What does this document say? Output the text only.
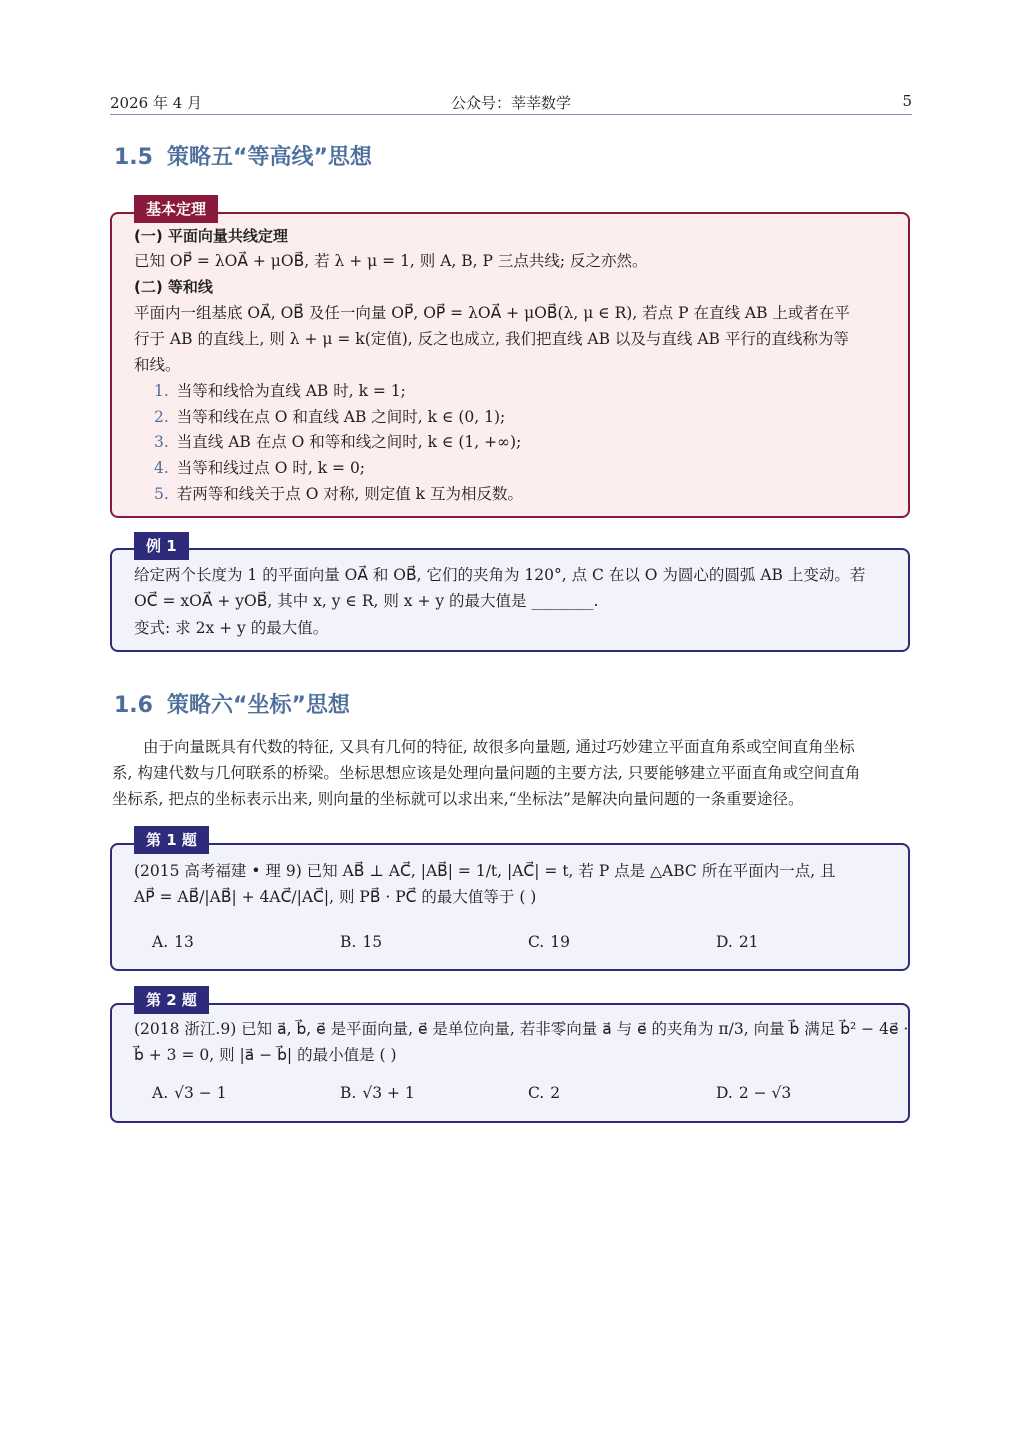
2026 年 4 月	公众号：莘莘数学	5
1.5 策略五“等高线”思想
基本定理
(一) 平面向量共线定理
已知 OP⃗ = λOA⃗ + μOB⃗, 若 λ + μ = 1, 则 A, B, P 三点共线; 反之亦然。
(二) 等和线
平面内一组基底 OA⃗, OB⃗ 及任一向量 OP⃗, OP⃗ = λOA⃗ + μOB⃗(λ, μ ∈ R), 若点 P 在直线 AB 上或者在平
行于 AB 的直线上, 则 λ + μ = k(定值), 反之也成立, 我们把直线 AB 以及与直线 AB 平行的直线称为等
和线。
1. 当等和线恰为直线 AB 时, k = 1;
2. 当等和线在点 O 和直线 AB 之间时, k ∈ (0, 1);
3. 当直线 AB 在点 O 和等和线之间时, k ∈ (1, +∞);
4. 当等和线过点 O 时, k = 0;
5. 若两等和线关于点 O 对称, 则定值 k 互为相反数。
例 1
给定两个长度为 1 的平面向量 OA⃗ 和 OB⃗, 它们的夹角为 120°, 点 C 在以 O 为圆心的圆弧 AB 上变动。若
OC⃗ = xOA⃗ + yOB⃗, 其中 x, y ∈ R, 则 x + y 的最大值是 ________.
变式: 求 2x + y 的最大值。
1.6 策略六“坐标”思想
　　由于向量既具有代数的特征, 又具有几何的特征, 故很多向量题, 通过巧妙建立平面直角系或空间直角坐标
系, 构建代数与几何联系的桥梁。坐标思想应该是处理向量问题的主要方法, 只要能够建立平面直角或空间直角
坐标系, 把点的坐标表示出来, 则向量的坐标就可以求出来,“坐标法”是解决向量问题的一条重要途径。
第 1 题
(2015 高考福建 • 理 9) 已知 AB⃗ ⊥ AC⃗, |AB⃗| = 1/t, |AC⃗| = t, 若 P 点是 △ABC 所在平面内一点, 且
AP⃗ = AB⃗/|AB⃗| + 4AC⃗/|AC⃗|, 则 PB⃗ · PC⃗ 的最大值等于 ( )
A. 13	B. 15	C. 19	D. 21
第 2 题
(2018 浙江.9) 已知 a⃗, b⃗, e⃗ 是平面向量, e⃗ 是单位向量, 若非零向量 a⃗ 与 e⃗ 的夹角为 π/3, 向量 b⃗ 满足 b⃗² − 4e⃗ ·
b⃗ + 3 = 0, 则 |a⃗ − b⃗| 的最小值是 ( )
A. √3 − 1	B. √3 + 1	C. 2	D. 2 − √3
